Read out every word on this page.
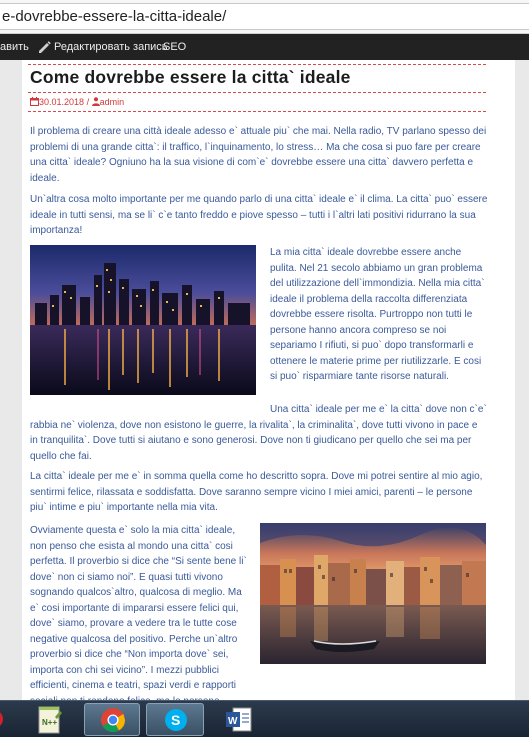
e-dovrebbe-essere-la-citta-ideale/
авить Редактировать запись
SEO
Come dovrebbe essere la citta` ideale
30.01.2018 / admin

Il problema di creare una città ideale adesso e` attuale piu` che mai. Nella radio, TV parlano spesso dei problemi di una grande citta`: il traffico, l`inquinamento, lo stress… Ma che cosa si puo fare per creare una citta` ideale? Ogniuno ha la sua visione di com`e` dovrebbe essere una citta` davvero perfetta e ideale.

Un`altra cosa molto importante per me quando parlo di una citta` ideale e` il clima. La citta` puo` essere ideale in tutti sensi, ma se li` c`e tanto freddo e piove spesso – tutti i l`altri lati positivi ridurrano la sua importanza!

La mia citta` ideale dovrebbe essere anche pulita. Nel 21 secolo abbiamo un gran problema del utilizzazione dell`immondizia. Nella mia citta` ideale il problema della raccolta differenziata dovrebbe essere risolta. Purtroppo non tutti le persone hanno ancora compreso se noi separiamo I rifiuti, si puo` dopo transformarli e ottenere le materie prime per riutilizzarle. E cosi si puo` risparmiare tante risorse naturali.

Una citta` ideale per me e` la citta` dove non c`e` rabbia ne` violenza, dove non esistono le guerre, la rivalita`, la criminalita`, dove tutti vivono in pace e in tranquilita`. Dove tutti si aiutano e sono generosi. Dove non ti giudicano per quello che sei ma per quello che fai.

La citta` ideale per me e` in somma quella come ho descritto sopra. Dove mi potrei sentire al mio agio, sentirmi felice, rilassata e soddisfatta. Dove saranno sempre vicino I miei amici, parenti – le persone piu` intime e piu` importante nella mia vita.

Ovviamente questa e` solo la mia citta` ideale, non penso che esista al mondo una citta` cosi perfetta. Il proverbio si dice che “Si sente bene li` dove` non ci siamo noi”. E quasi tutti vivono sognando qualcos`altro, qualcosa di meglio. Ma e` cosi importante di imparars​i essere felici qui, dove` siamo, provare a vedere tra le tutte cose negative qualcosa del positivo. Perche un`altro proverbio si dice che “Non importa dove` sei, importa con chi sei vicino”. I mezzi pubblici efficienti, cinema e teatri, spazi verdi e rapporti

N++	S	W
